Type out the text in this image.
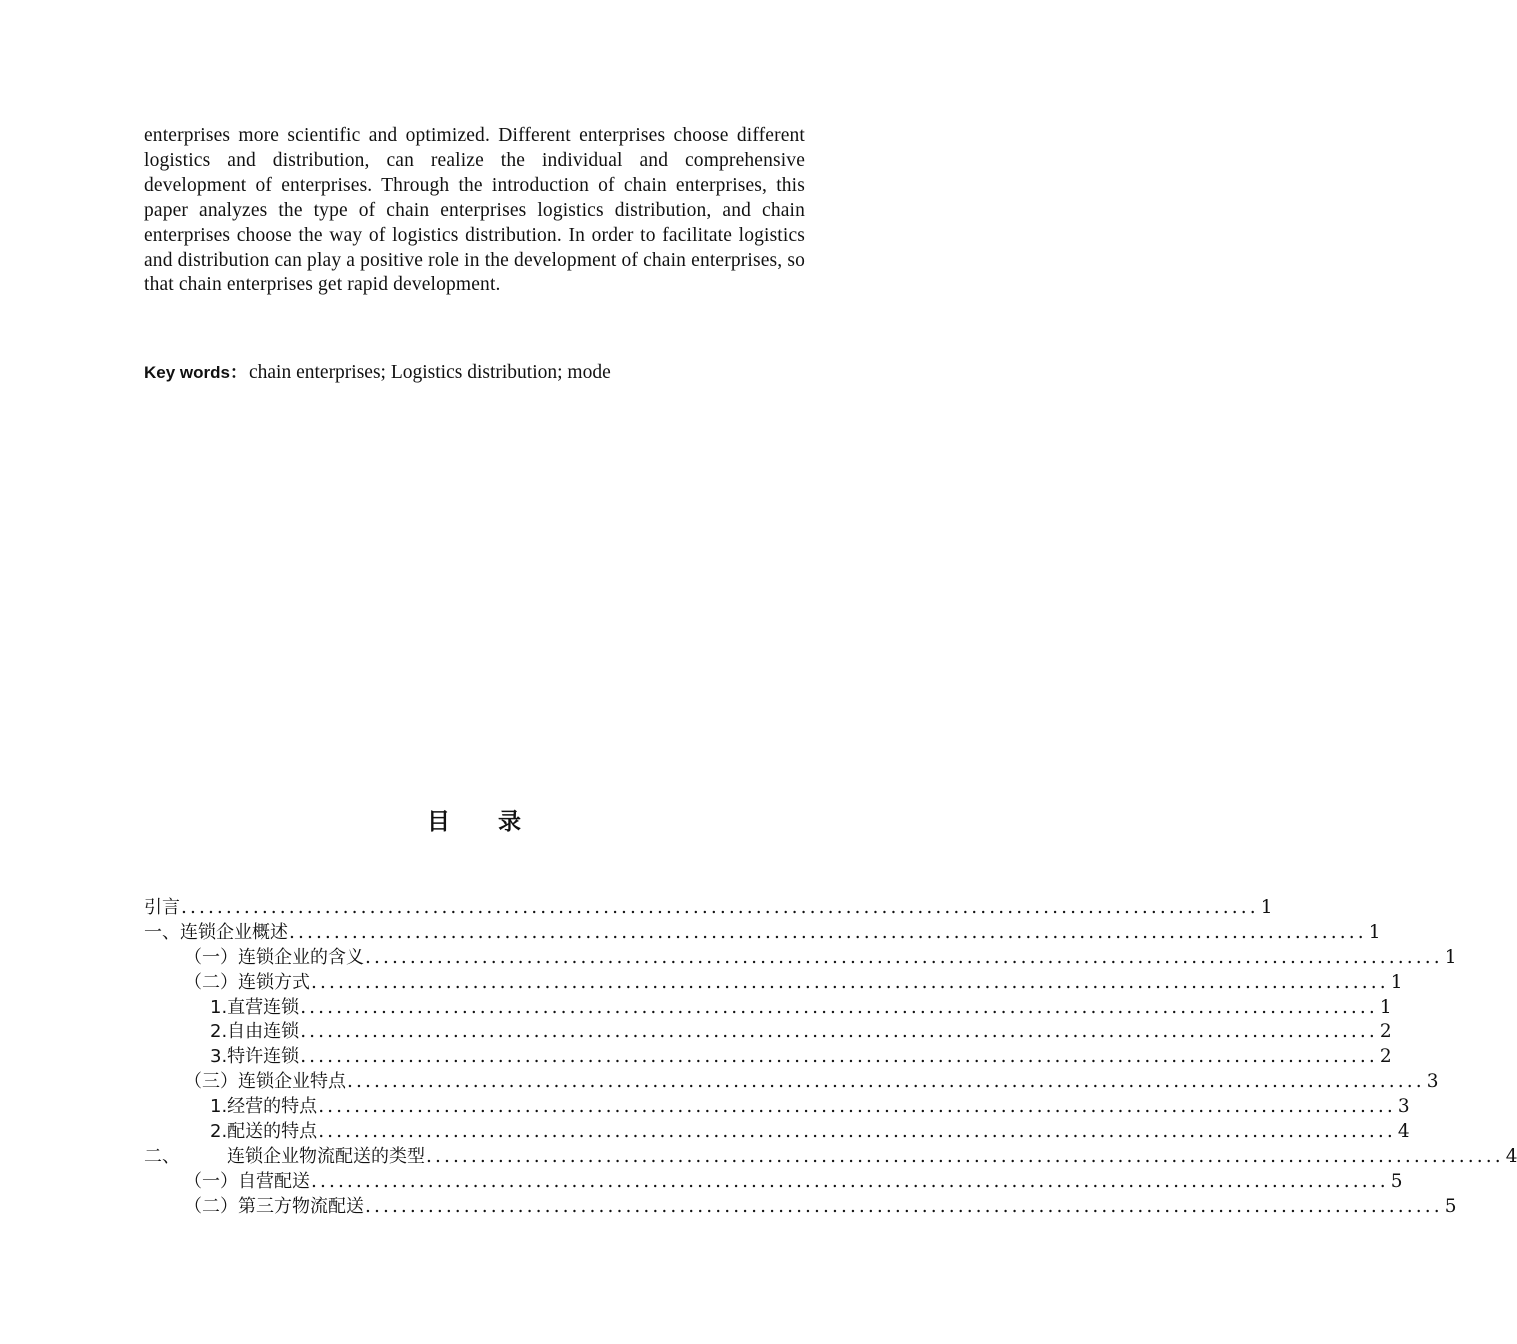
enterprises more scientific and optimized. Different enterprises choose different logistics and distribution, can realize the individual and comprehensive development of enterprises. Through the introduction of chain enterprises, this paper analyzes the type of chain enterprises logistics distribution, and chain enterprises choose the way of logistics distribution. In order to facilitate logistics and distribution can play a positive role in the development of chain enterprises, so that chain enterprises get rapid development.

Key words： chain enterprises; Logistics distribution; mode
目 录
引言 ........................................................................................................................ 1
一、连锁企业概述 ........................................................................................................................ 1
（一）连锁企业的含义 ........................................................................................................................ 1
（二）连锁方式 ........................................................................................................................ 1
1.直营连锁 ........................................................................................................................ 1
2.自由连锁 ........................................................................................................................ 2
3.特许连锁 ........................................................................................................................ 2
（三）连锁企业特点 ........................................................................................................................ 3
1.经营的特点 ........................................................................................................................ 3
2.配送的特点 ........................................................................................................................ 4
二、	连锁企业物流配送的类型 ........................................................................................................................ 4
（一）自营配送 ........................................................................................................................ 5
（二）第三方物流配送 ........................................................................................................................ 5
